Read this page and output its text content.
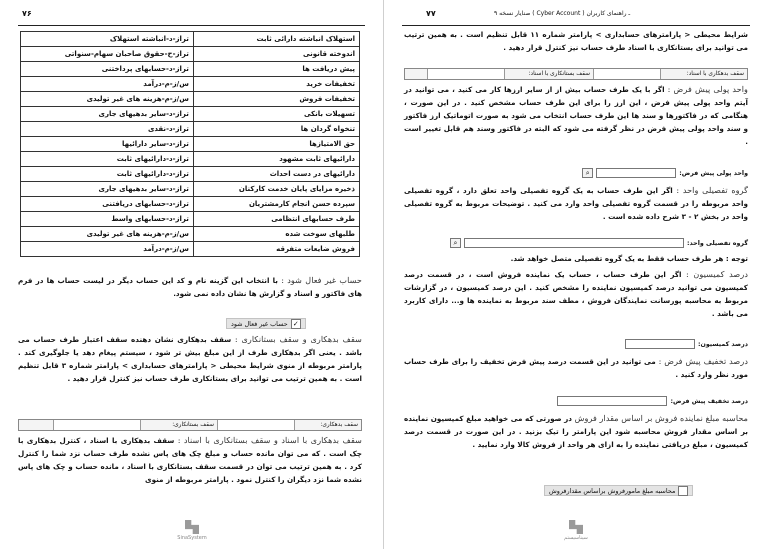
۷۶
استهلاک انباشته دارائی ثابت	تراز-د-انباشته استهلاک
اندوخته قانونی	تراز-ح-حقوق صاحبان سهام-سنواتی
پیش دریافت ها	تراز-د-حسابهای پرداختنی
تخفیفات خرید	س/ز-م-درآمد
تخفیفات فروش	س/ز-م-هزینه های غیر تولیدی
تسهیلات بانکی	تراز-د-سایر بدهیهای جاری
تنخواه گردان ها	تراز-د-نقدی
حق الامتیازها	تراز-د-سایر دارائیها
دارائیهای ثابت مشهود	تراز-د-دارائیهای ثابت
دارائیهای در دست احداث	تراز-د-دارائیهای ثابت
ذخیره مزایای پایان خدمت کارکنان	تراز-د-سایر بدهیهای جاری
سپرده حسن انجام کارمشتریان	تراز-د-حسابهای دریافتنی
طرف حسابهای انتظامی	تراز-د-حسابهای واسط
طلبهای سوخت شده	س/ز-م-هزینه های غیر تولیدی
فروش ضایعات متفرقه	س/ز-م-درآمد
حساب غیر فعال شود : با انتخاب این گزینه نام و کد این حساب دیگر در لیست حساب ها در فرم های فاکتور و اسناد و گزارش ها نشان داده نمی شود.
✓
حساب غیر فعال شود
سقف بدهکاری و سقف بستانکاری : سقف بدهکاری نشان دهنده سقف اعتبار طرف حساب می باشد . یعنی اگر بدهکاری طرف از این مبلغ بیش تر شود ، سیستم پیغام دهد یا جلوگیری کند . پارامتر مربوطه از منوی شرایط محیطی < پارامترهای حسابداری > پارامتر شماره ۳ قابل تنظیم است . به همین ترتیب می توانید برای بستانکاری طرف حساب نیز کنترل قرار دهید .
سقف بدهکاری:
سقف بستانکاری:
سقف بدهکاری با اسناد و سقف بستانکاری با اسناد : سقف بدهکاری با اسناد ، کنترل بدهکاری با چک است . که می توان مانده حساب و مبلغ چک های پاس نشده طرف حساب نزد شما را کنترل کرد . به همین ترتیب می توان در قسمت سقف بستانکاری با اسناد ، مانده حساب و چک های پاس نشده شما نزد دیگران را کنترل نمود . پارامتر مربوطه از منوی
SinaSystem
صنایار نسخه ۹ ( Cyber Account ) ـ راهنمای کاربران
۷۷
شرایط محیطی < پارامترهای حسابداری > پارامتر شماره ۱۱ قابل تنظیم است . به همین ترتیب می توانید برای بستانکاری با اسناد طرف حساب نیز کنترل قرار دهید .
سقف بدهکاری با اسناد:
سقف بستانکاری با اسناد:
واحد پولی پیش فرض : اگر با یک طرف حساب بیش از از سایر ارزها کار می کنید ، می توانید در آیتم واحد پولی پیش فرض ، این ارز را برای این طرف حساب مشخص کنید . در این صورت ، هنگامی که در فاکتورها و سند ها این طرف حساب انتخاب می شود به صورت اتوماتیک ارز فاکتور و سند واحد پولی پیش فرض در نظر گرفته می شود که البته در فاکتور وسند هم قابل تغییر است .
واحد پولی پیش فرض:
⌕
گروه تفصیلی واحد : اگر این طرف حساب به یک گروه تفصیلی واحد تعلق دارد ، گروه تفصیلی واحد مربوطه را در قسمت گروه تفصیلی واحد وارد می کنید . توضیحات مربوط به گروه تفصیلی واحد در بخش ۲ - ۳ شرح داده شده است .
گروه تفصیلی واحد:
⌕
توجه : هر طرف حساب فقط به یک گروه تفصیلی متصل خواهد شد.
درصد کمیسیون : اگر این طرف حساب ، حساب یک نماینده فروش است ، در قسمت درصد کمیسیون می توانید درصد کمیسیون نماینده را مشخص کنید . این درصد کمیسیون ، در گزارشات مربوط به محاسبه پورسانت نمایندگان فروش ، مطف سند مربوط به نماینده ها و... دارای کاربرد می باشد .
درصد کمیسیون:
درصد تخفیف پیش فرض : می توانید در این قسمت درصد پیش فرض تخفیف را برای طرف حساب مورد نظر وارد کنید .
درصد تخفیف پیش فرض:
محاسبه مبلغ نماینده فروش بر اساس مقدار فروش در صورتی که می خواهید مبلغ کمیسیون نماینده بر اساس مقدار فروش محاسبه شود این پارامتر را تیک بزنید . در این صورت در قسمت درصد کمیسیون ، مبلغ دریافتی نماینده را به ازای هر واحد از فروش کالا وارد نمایید .
محاسبه مبلغ مامورفروش براساس مقدارفروش
سیناسیستم
